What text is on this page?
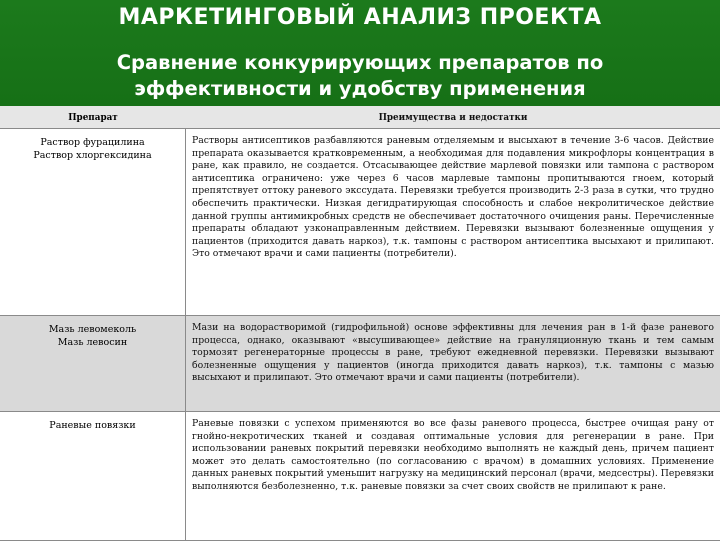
МАРКЕТИНГОВЫЙ АНАЛИЗ ПРОЕКТА
Сравнение конкурирующих препаратов по
эффективности и удобству применения
Препарат	Преимущества и недостатки
Раствор фурацилина
Раствор хлоргексидина

Растворы антисептиков разбавляются раневым отделяемым и высыхают в течение 3-6 часов. Действие препарата оказывается кратковременным, а необходимая для подавления микрофлоры концентрация в ране, как правило, не создается. Отсасывающее действие марлевой повязки или тампона с раствором антисептика ограничено: уже через 6 часов марлевые тампоны пропитываются гноем, который препятствует оттоку раневого экссудата. Перевязки требуется производить 2-3 раза в сутки, что трудно обеспечить практически. Низкая дегидратирующая способность и слабое некролитическое действие данной группы антимикробных средств не обеспечивает достаточного очищения раны. Перечисленные препараты обладают узконаправленным действием. Перевязки вызывают болезненные ощущения у пациентов (приходится давать наркоз), т.к. тампоны с раствором антисептика высыхают и прилипают. Это отмечают врачи и сами пациенты (потребители).

Мазь левомеколь
Мазь левосин

Мази на водорастворимой (гидрофильной) основе эффективны для лечения ран в 1-й фазе раневого процесса, однако, оказывают «высушивающее» действие на грануляционную ткань и тем самым тормозят регенераторные процессы в ране, требуют ежедневной перевязки. Перевязки вызывают болезненные ощущения у пациентов (иногда приходится давать наркоз), т.к. тампоны с мазью высыхают и прилипают. Это отмечают врачи и сами пациенты (потребители).

Раневые повязки	Раневые повязки с успехом применяются во все фазы раневого процесса, быстрее очищая рану от гнойно-некротических тканей и создавая оптимальные условия для регенерации в ране. При использовании раневых покрытий перевязки необходимо выполнять не каждый день, причем пациент может это делать самостоятельно (по согласованию с врачом) в домашних условиях. Применение данных раневых покрытий уменьшит нагрузку на медицинский персонал (врачи, медсестры). Перевязки выполняются безболезненно, т.к. раневые повязки за счет своих свойств не прилипают к ране.
